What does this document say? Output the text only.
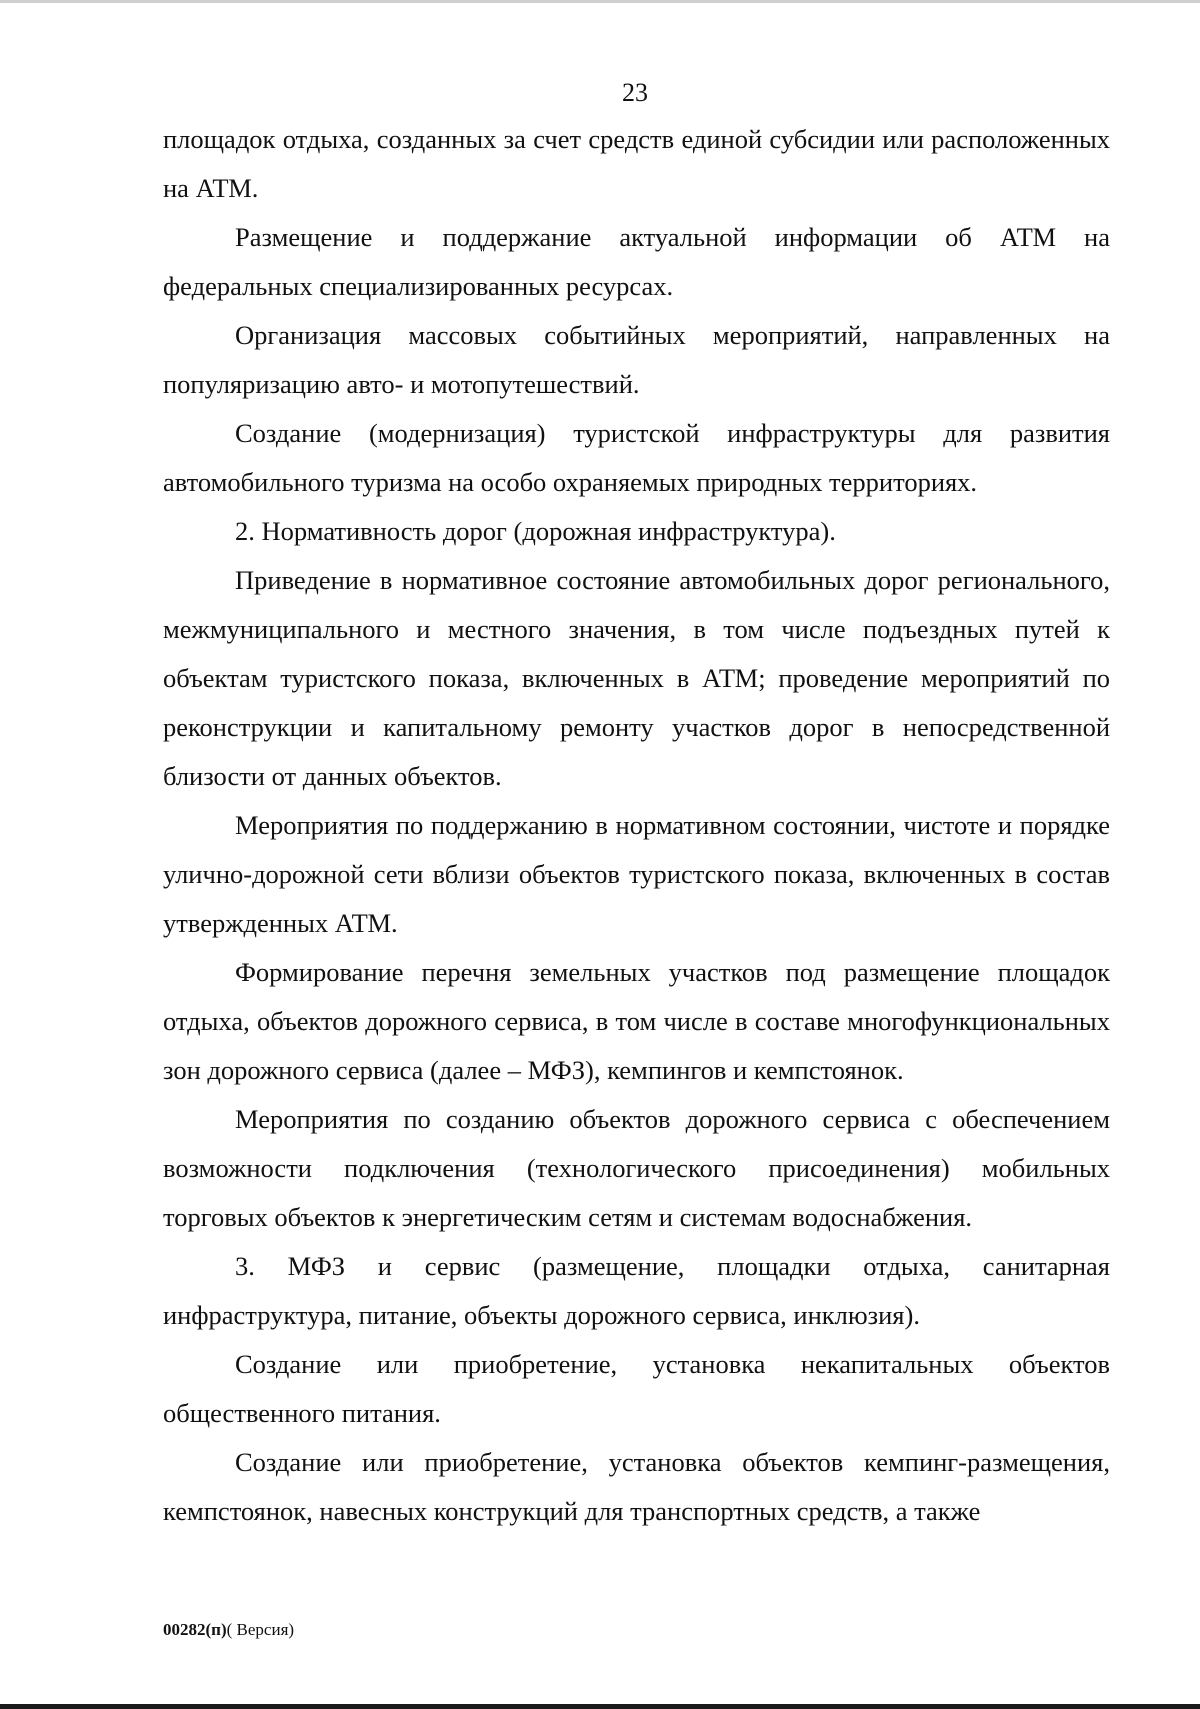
23

площадок отдыха, созданных за счет средств единой субсидии или расположенных на АТМ.

Размещение и поддержание актуальной информации об АТМ на федеральных специализированных ресурсах.

Организация массовых событийных мероприятий, направленных на популяризацию авто- и мотопутешествий.

Создание (модернизация) туристской инфраструктуры для развития автомобильного туризма на особо охраняемых природных территориях.

2. Нормативность дорог (дорожная инфраструктура).

Приведение в нормативное состояние автомобильных дорог регионального, межмуниципального и местного значения, в том числе подъездных путей к объектам туристского показа, включенных в АТМ; проведение мероприятий по реконструкции и капитальному ремонту участков дорог в непосредственной близости от данных объектов.

Мероприятия по поддержанию в нормативном состоянии, чистоте и порядке улично-дорожной сети вблизи объектов туристского показа, включенных в состав утвержденных АТМ.

Формирование перечня земельных участков под размещение площадок отдыха, объектов дорожного сервиса, в том числе в составе многофункциональных зон дорожного сервиса (далее – МФЗ), кемпингов и кемпстоянок.

Мероприятия по созданию объектов дорожного сервиса с обеспечением возможности подключения (технологического присоединения) мобильных торговых объектов к энергетическим сетям и системам водоснабжения.

3. МФЗ и сервис (размещение, площадки отдыха, санитарная инфраструктура, питание, объекты дорожного сервиса, инклюзия).

Создание или приобретение, установка некапитальных объектов общественного питания.

Создание или приобретение, установка объектов кемпинг-размещения, кемпстоянок, навесных конструкций для транспортных средств, а также

00282(п)( Версия)
